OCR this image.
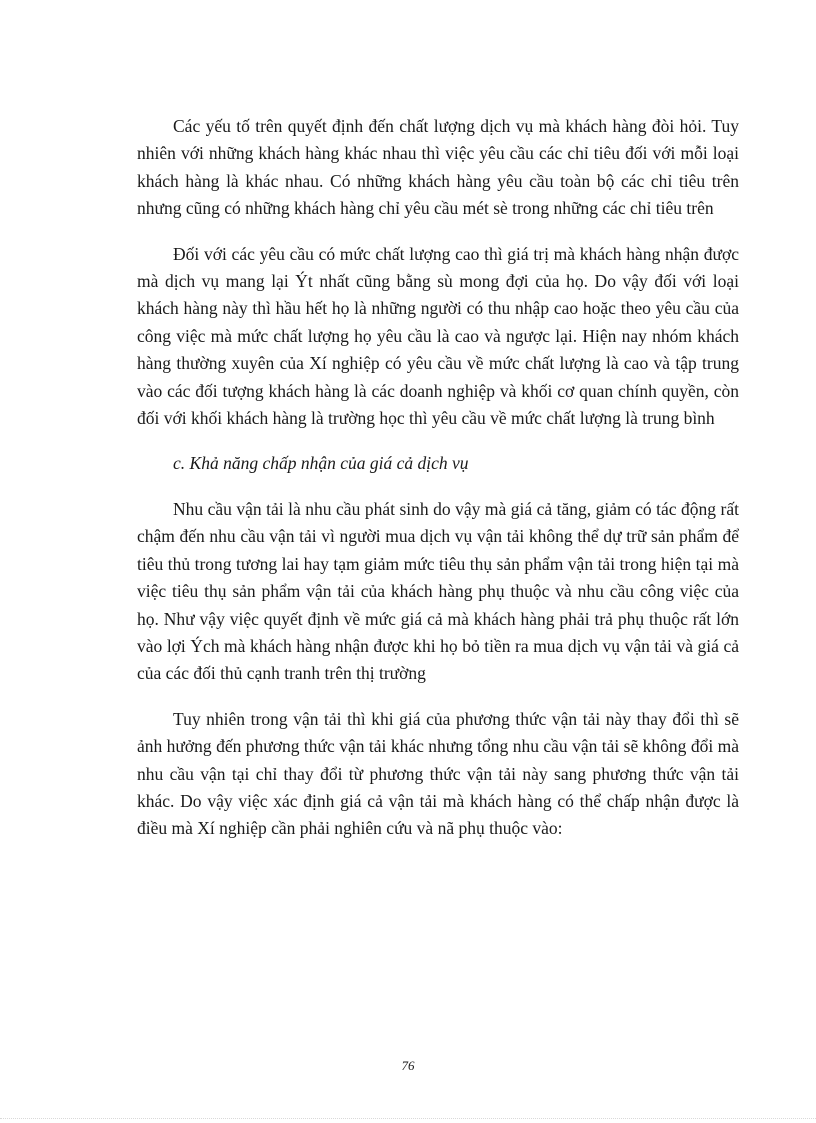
Các yếu tố trên quyết định đến chất lượng dịch vụ mà khách hàng đòi hỏi. Tuy nhiên với những khách hàng khác nhau thì việc yêu cầu các chỉ tiêu đối với mỗi loại khách hàng là khác nhau. Có những khách hàng yêu cầu toàn bộ các chỉ tiêu trên nhưng cũng có những khách hàng chỉ yêu cầu mét sè trong những các chỉ tiêu trên

Đối với các yêu cầu có mức chất lượng cao thì giá trị mà khách hàng nhận được mà dịch vụ mang lại Ýt nhất cũng bằng sù mong đợi của họ. Do vậy đối với loại khách hàng này thì hầu hết họ là những người có thu nhập cao hoặc theo yêu cầu của công việc mà mức chất lượng họ yêu cầu là cao và ngược lại. Hiện nay nhóm khách hàng thường xuyên của Xí nghiệp có yêu cầu về mức chất lượng là cao và tập trung vào các đối tượng khách hàng là các doanh nghiệp và khối cơ quan chính quyền, còn đối với khối khách hàng là trường học thì yêu cầu về mức chất lượng là trung bình

c. Khả năng chấp nhận của giá cả dịch vụ

Nhu cầu vận tải là nhu cầu phát sinh do vậy mà giá cả tăng, giảm có tác động rất chậm đến nhu cầu vận tải vì người mua dịch vụ vận tải không thể dự trữ sản phẩm để tiêu thủ trong tương lai hay tạm giảm mức tiêu thụ sản phẩm vận tải trong hiện tại mà việc tiêu thụ sản phẩm vận tải của khách hàng phụ thuộc và nhu cầu công việc của họ. Như vậy việc quyết định về mức giá cả mà khách hàng phải trả phụ thuộc rất lớn vào lợi Ých mà khách hàng nhận được khi họ bỏ tiền ra mua dịch vụ vận tải và giá cả của các đối thủ cạnh tranh trên thị trường

Tuy nhiên trong vận tải thì khi giá của phương thức vận tải này thay đổi thì sẽ ảnh hưởng đến phương thức vận tải khác nhưng tổng nhu cầu vận tải sẽ không đổi mà nhu cầu vận tại chỉ thay đổi từ phương thức vận tải này sang phương thức vận tải khác. Do vậy việc xác định giá cả vận tải mà khách hàng có thể chấp nhận được là điều mà Xí nghiệp cần phải nghiên cứu và nã phụ thuộc vào:

76
